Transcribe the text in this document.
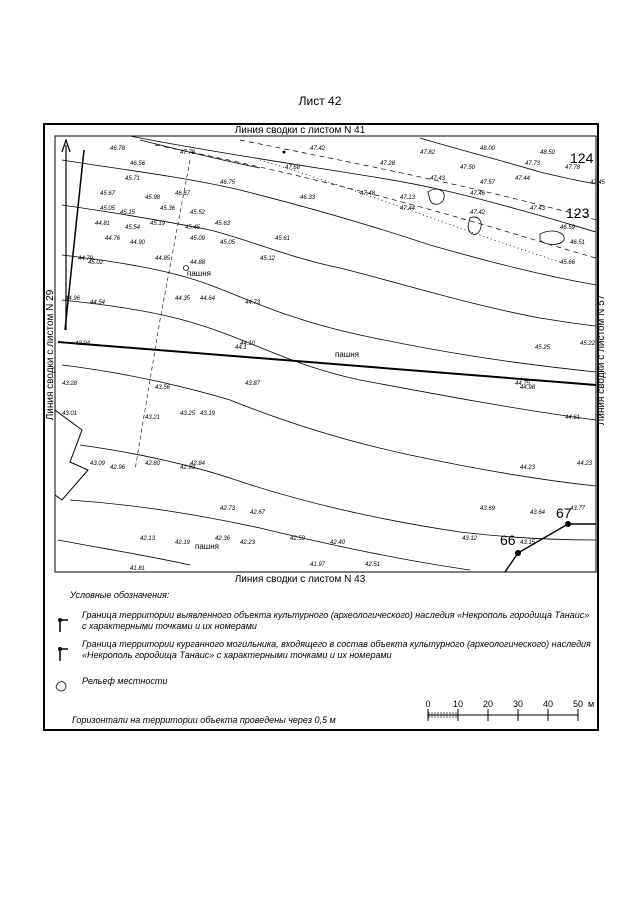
Лист 42
Линия сводки с листом N 41
Линия сводки с листом N 43
Линия сводки с листом N 29	Линия сводки с листом N 57
124
123
67
66
пашня
пашня
пашня
46.78
47.78
47.42
47.82
48.00
48.50
46.56
47.68
47.28
47.50
47.73
47.78
45.71
46.75
47.43
47.57
47.44
47.45
45.67
45.98
46.67
46.33
47.48
47.13
47.46
45.05
45.15
45.36
45.52
47.44
47.42
47.43
44.81
45.54
45.19
45.45
45.63
46.59
44.76
44.90
45.09
45.05
45.61
46.51
44.79
45.02
44.85
44.88
45.12
45.66
44.96
44.54
44.35
44.73
44.64
43.94
44.1
44.10
45.25
45.22
43.28
43.56
43.87
44.98
44.75
43.25
43.21
43.19
44.61
43.01
43.09
42.96
42.80
42.93
42.84
44.23
44.23
42.73
42.67
43.69
43.64
43.77
42.13
42.19
42.36
42.23
42.59
42.40
43.12
43.15
42.51
41.81
41.97
Условные обозначения:
Граница территории выявленного объекта культурного (археологического) наследия «Некрополь городища Танаис» с характерными точками и их номерами
Граница территории курганного могильника, входящего в состав объекта культурного (археологического) наследия «Некрополь городища Танаис» с характерными точками и их номерами
Рельеф местности
Горизонтали на территории объекта проведены через 0,5 м
0 10 20 30 40 50 м
